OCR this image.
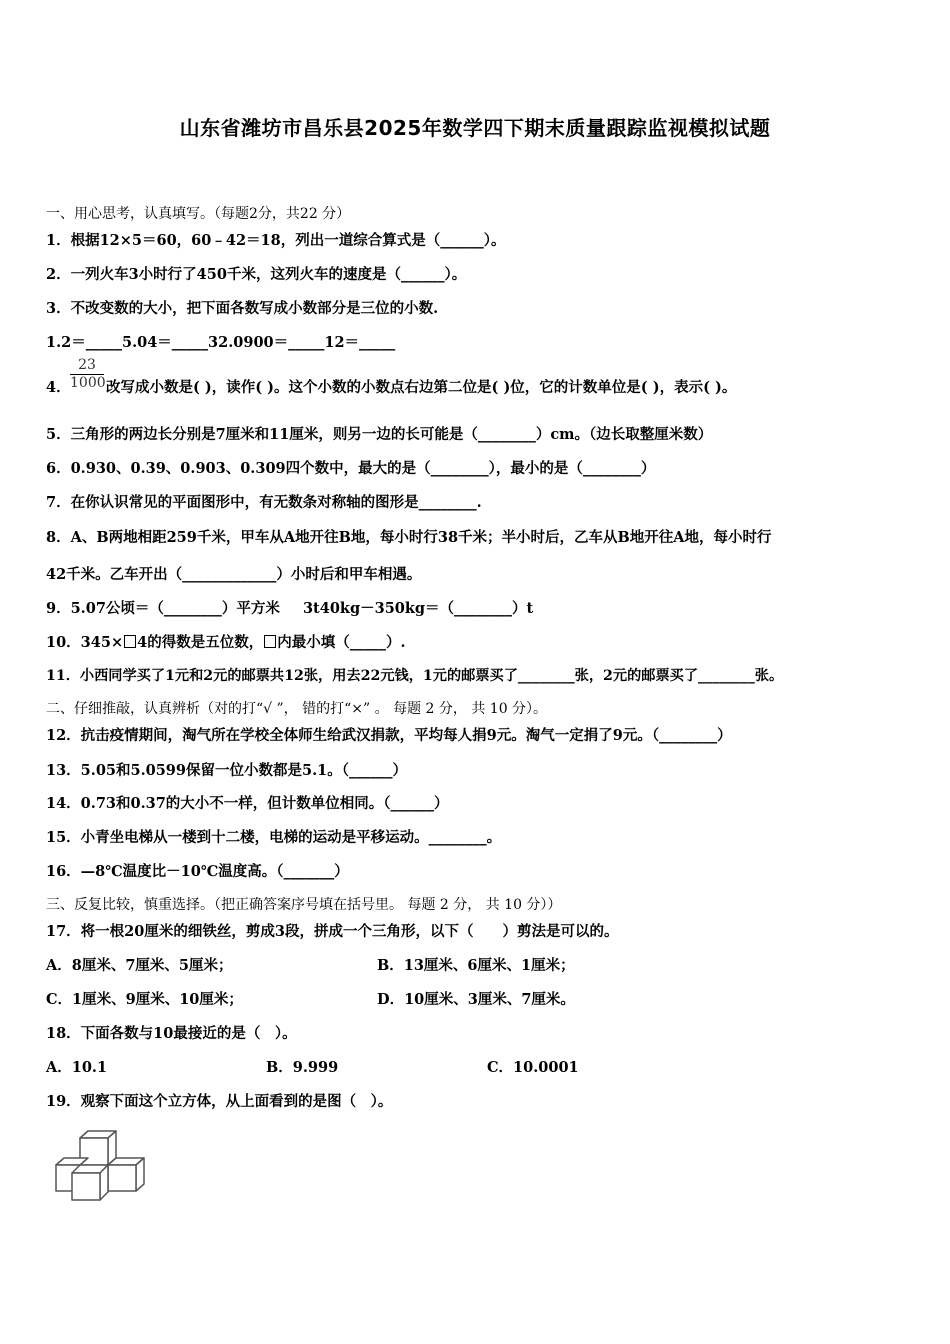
山东省潍坊市昌乐县2025年数学四下期末质量跟踪监视模拟试题
一、用心思考，认真填写。（每题2分，共22 分）
1．根据12×5＝60，60﹣42＝18，列出一道综合算式是（______）。
2．一列火车3小时行了450千米，这列火车的速度是（______）。
3．不改变数的大小，把下面各数写成小数部分是三位的小数.
1.2＝_____5.04＝_____32.0900＝_____12＝_____
4．
23
1000 改写成小数是( )，读作( )。这个小数的小数点右边第二位是( )位，它的计数单位是( )，表示( )。
5．三角形的两边长分别是7厘米和11厘米，则另一边的长可能是（________）cm。（边长取整厘米数）
6．0.930、0.39、0.903、0.309四个数中，最大的是（________），最小的是（________）
7．在你认识常见的平面图形中，有无数条对称轴的图形是________.
8．A、B两地相距259千米，甲车从A地开往B地，每小时行38千米；半小时后，乙车从B地开往A地，每小时行
42千米。乙车开出（_____________）小时后和甲车相遇。
9．5.07公顷＝（________）平方米 3t40kg－350kg＝（________）t
10．345× 4的得数是五位数， 内最小填（_____）.
11．小西同学买了1元和2元的邮票共12张，用去22元钱，1元的邮票买了________张，2元的邮票买了________张。
二、仔细推敲，认真辨析（对的打“√ ”， 错的打“×” 。 每题 2 分， 共 10 分）。
12．抗击疫情期间，淘气所在学校全体师生给武汉捐款，平均每人捐9元。淘气一定捐了9元。（________）
13．5.05和5.0599保留一位小数都是5.1。（______）
14．0.73和0.37的大小不一样，但计数单位相同。（______）
15．小青坐电梯从一楼到十二楼，电梯的运动是平移运动。________。
16．—8℃温度比－10℃温度高。（_______）
三、反复比较，慎重选择。（把正确答案序号填在括号里。 每题 2 分， 共 10 分））
17．将一根20厘米的细铁丝，剪成3段，拼成一个三角形，以下（　　）剪法是可以的。
A．8厘米、7厘米、5厘米；	B．13厘米、6厘米、1厘米；
C．1厘米、9厘米、10厘米；	D．10厘米、3厘米、7厘米。
18．下面各数与10最接近的是（　）。
A．10.1	B．9.999	C．10.0001
19．观察下面这个立方体，从上面看到的是图（　）。
